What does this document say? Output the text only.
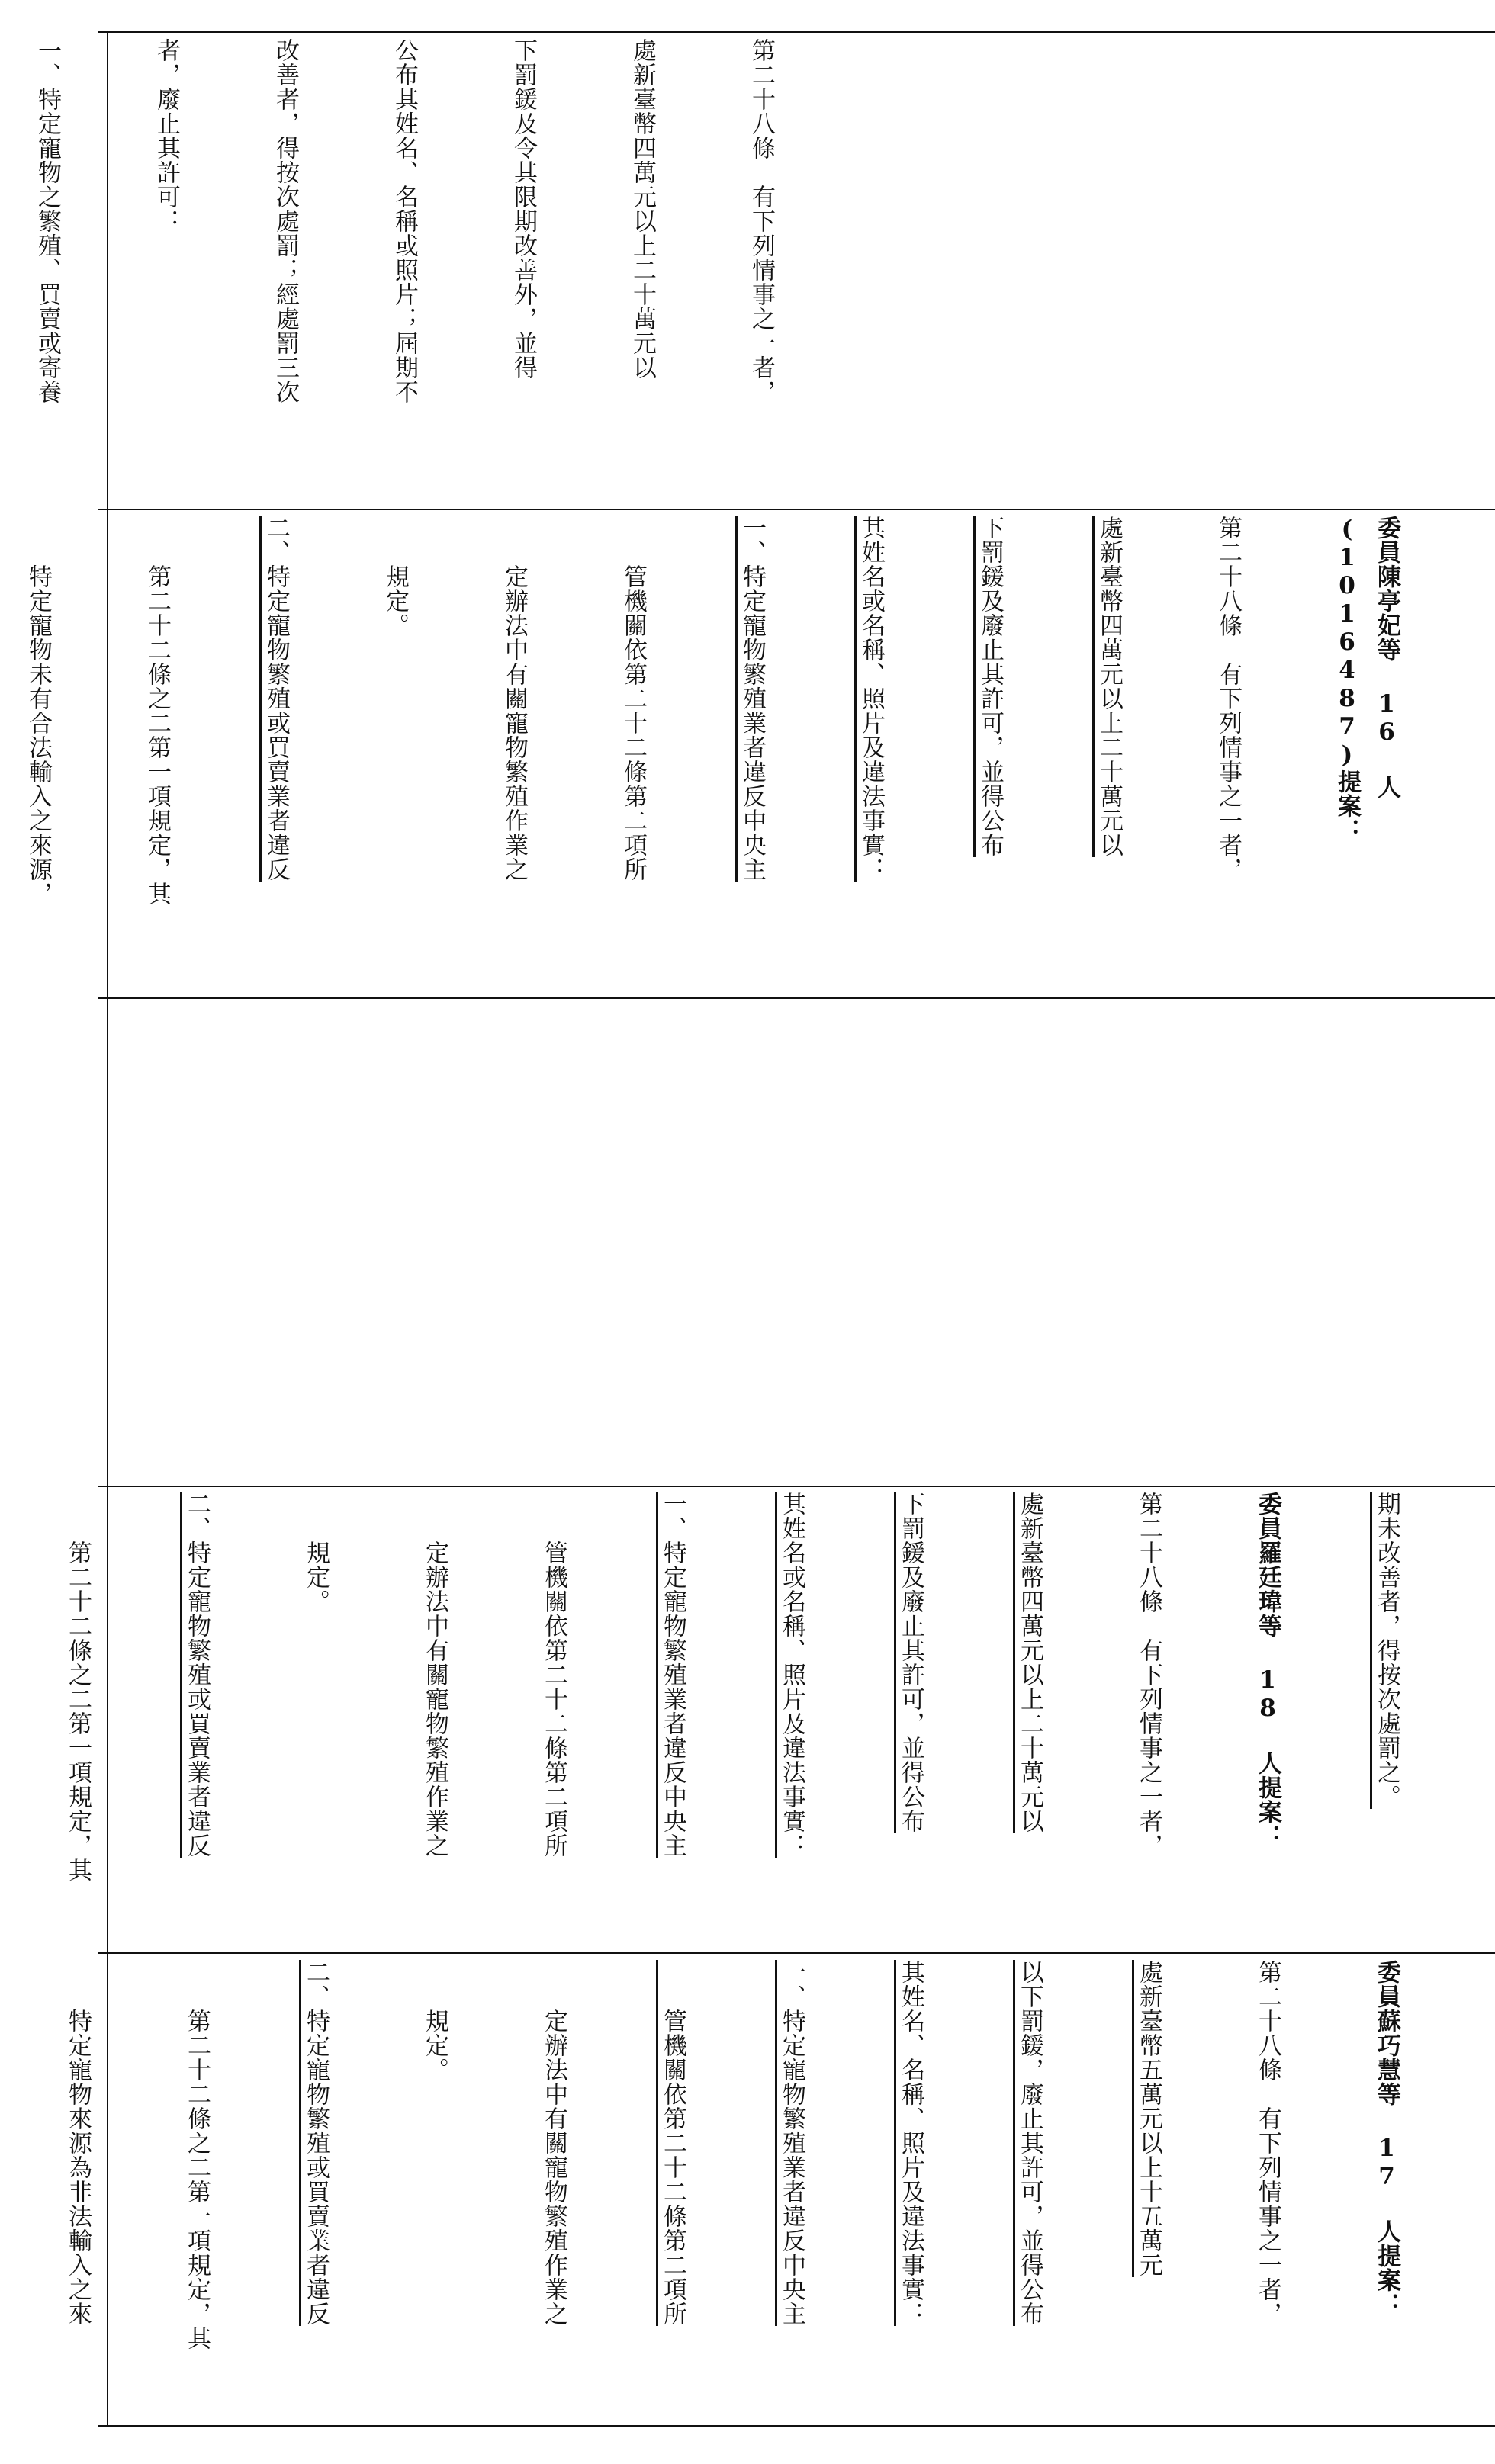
第二十八條　有下列情事之一者，

處新臺幣四萬元以上二十萬元以

下罰鍰及令其限期改善外，並得

公布其姓名、名稱或照片；屆期不

改善者，得按次處罰；經處罰三次

者，廢止其許可：

一、特定寵物之繁殖、買賣或寄養

委員陳亭妃等 16 人(1016487)提案：

第二十八條　有下列情事之一者，

處新臺幣四萬元以上二十萬元以

下罰鍰及廢止其許可，並得公布

其姓名或名稱、照片及違法事實：

一、特定寵物繁殖業者違反中央主

　　管機關依第二十二條第二項所

　　定辦法中有關寵物繁殖作業之

　　規定。

二、特定寵物繁殖或買賣業者違反

　　第二十二條之二第一項規定，其

　　特定寵物未有合法輸入之來源，

期未改善者，得按次處罰之。

委員羅廷瑋等 18 人提案：

第二十八條　有下列情事之一者，

處新臺幣四萬元以上二十萬元以

下罰鍰及廢止其許可，並得公布

其姓名或名稱、照片及違法事實：

一、特定寵物繁殖業者違反中央主

　　管機關依第二十二條第二項所

　　定辦法中有關寵物繁殖作業之

　　規定。

二、特定寵物繁殖或買賣業者違反

　　第二十二條之二第一項規定，其

委員蘇巧慧等 17 人提案：

第二十八條　有下列情事之一者，

處新臺幣五萬元以上十五萬元

以下罰鍰，廢止其許可，並得公布

其姓名、名稱、照片及違法事實：

一、特定寵物繁殖業者違反中央主

　　管機關依第二十二條第二項所

　　定辦法中有關寵物繁殖作業之

　　規定。

二、特定寵物繁殖或買賣業者違反

　　第二十二條之二第一項規定，其

　　特定寵物來源為非法輸入之來
